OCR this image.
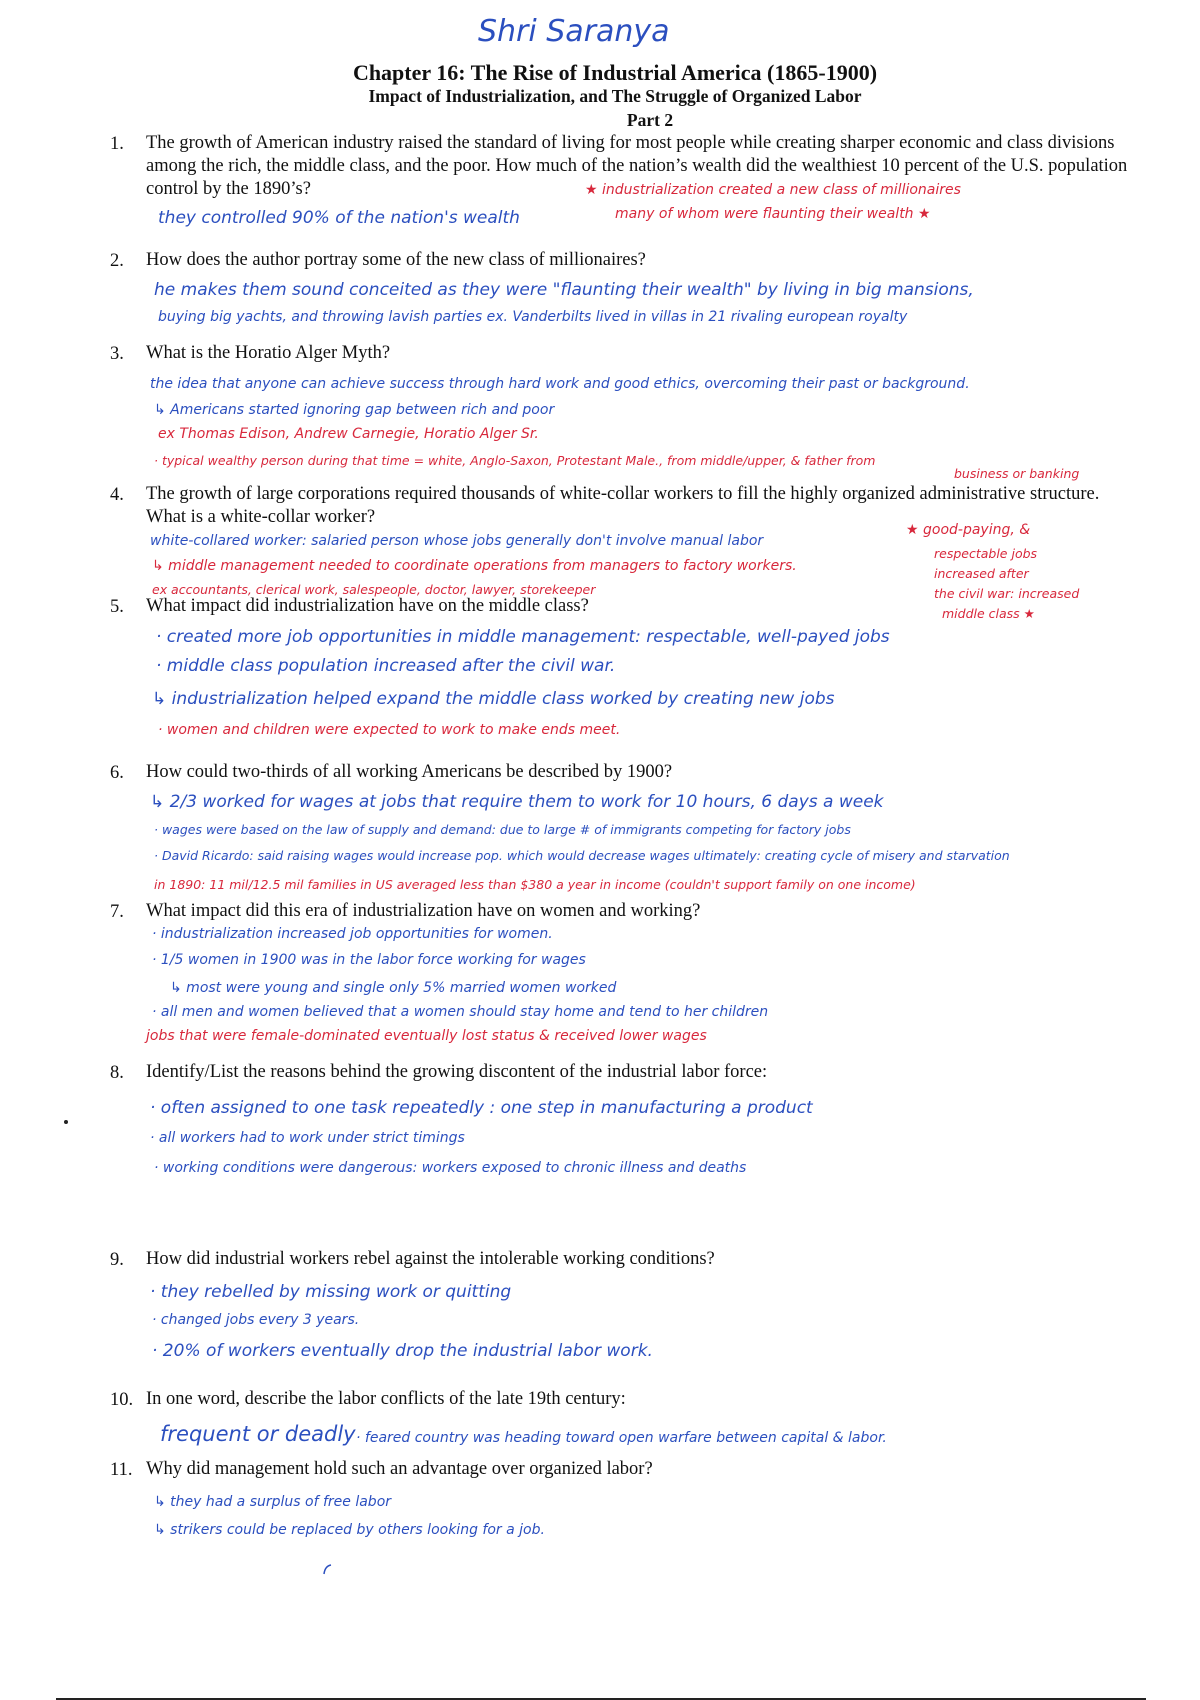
Shri Saranya
Chapter 16: The Rise of Industrial America (1865-1900)
Impact of Industrialization, and The Struggle of Organized Labor
Part 2
1. The growth of American industry raised the standard of living for most people while creating sharper economic and class divisions among the rich, the middle class, and the poor. How much of the nation’s wealth did the wealthiest 10 percent of the U.S. population control by the 1890’s?	★ industrialization created a new class of millionaires
many of whom were flaunting their wealth ★
they controlled 90% of the nation's wealth
2. How does the author portray some of the new class of millionaires?
he makes them sound conceited as they were "flaunting their wealth" by living in big mansions,
buying big yachts, and throwing lavish parties ex. Vanderbilts lived in villas in 21 rivaling european royalty
3. What is the Horatio Alger Myth?
the idea that anyone can achieve success through hard work and good ethics, overcoming their past or background.
↳ Americans started ignoring gap between rich and poor
ex Thomas Edison, Andrew Carnegie, Horatio Alger Sr.
· typical wealthy person during that time = white, Anglo-Saxon, Protestant Male., from middle/upper, & father from
business or banking
4. The growth of large corporations required thousands of white-collar workers to fill the highly organized administrative structure. What is a white-collar worker?
white-collared worker: salaried person whose jobs generally don't involve manual labor
↳ middle management needed to coordinate operations from managers to factory workers.
ex accountants, clerical work, salespeople, doctor, lawyer, storekeeper
★ good-paying, &
respectable jobs
increased after
the civil war: increased
middle class ★
5. What impact did industrialization have on the middle class?
· created more job opportunities in middle management: respectable, well-payed jobs
· middle class population increased after the civil war.
↳ industrialization helped expand the middle class worked by creating new jobs
· women and children were expected to work to make ends meet.
6. How could two-thirds of all working Americans be described by 1900?
↳ 2/3 worked for wages at jobs that require them to work for 10 hours, 6 days a week
· wages were based on the law of supply and demand: due to large # of immigrants competing for factory jobs
· David Ricardo: said raising wages would increase pop. which would decrease wages ultimately: creating cycle of misery and starvation
in 1890: 11 mil/12.5 mil families in US averaged less than $380 a year in income (couldn't support family on one income)
7. What impact did this era of industrialization have on women and working?
· industrialization increased job opportunities for women.
· 1/5 women in 1900 was in the labor force working for wages
↳ most were young and single only 5% married women worked
· all men and women believed that a women should stay home and tend to her children
jobs that were female-dominated eventually lost status & received lower wages
8. Identify/List the reasons behind the growing discontent of the industrial labor force:
· often assigned to one task repeatedly : one step in manufacturing a product
· all workers had to work under strict timings
· working conditions were dangerous: workers exposed to chronic illness and deaths
9. How did industrial workers rebel against the intolerable working conditions?
· they rebelled by missing work or quitting
· changed jobs every 3 years.
· 20% of workers eventually drop the industrial labor work.
10. In one word, describe the labor conflicts of the late 19th century:
frequent or deadly · feared country was heading toward open warfare between capital & labor.
11. Why did management hold such an advantage over organized labor?
↳ they had a surplus of free labor
↳ strikers could be replaced by others looking for a job.
